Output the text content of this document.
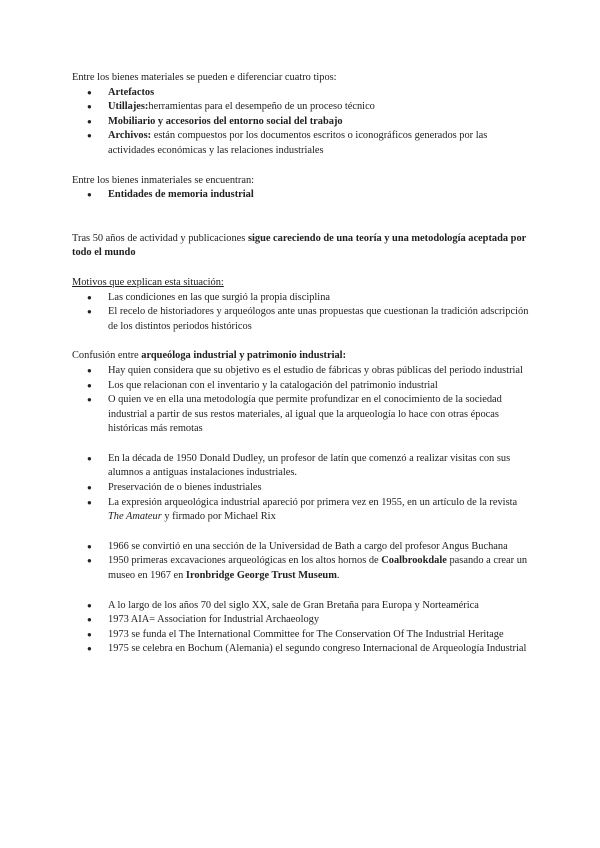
Entre los bienes materiales se pueden e diferenciar cuatro tipos:

● Artefactos
● Utillajes:herramientas para el desempeño de un proceso técnico
● Mobiliario y accesorios del entorno social del trabajo
● Archivos: están compuestos por los documentos escritos o iconográficos generados por las actividades económicas y las relaciones industriales

Entre los bienes inmateriales se encuentran:

● Entidades de memoria industrial

Tras 50 años de actividad y publicaciones sigue careciendo de una teoría y una metodología aceptada por todo el mundo

Motivos que explican esta situación:

● Las condiciones en las que surgió la propia disciplina
● El recelo de historiadores y arqueólogos ante unas propuestas que cuestionan la tradición adscripción de los distintos periodos históricos

Confusión entre arqueóloga industrial y patrimonio industrial:

● Hay quien considera que su objetivo es el estudio de fábricas y obras públicas del periodo industrial
● Los que relacionan con el inventario y la catalogación del patrimonio industrial
● O quien ve en ella una metodología que permite profundizar en el conocimiento de la sociedad industrial a partir de sus restos materiales, al igual que la arqueología lo hace con otras épocas históricas más remotas
● En la década de 1950 Donald Dudley, un profesor de latín que comenzó a realizar visitas con sus alumnos a antiguas instalaciones industriales.
● Preservación de o bienes industriales
● La expresión arqueológica industrial apareció por primera vez en 1955, en un artículo de la revista The Amateur y firmado por Michael Rix
● 1966 se convirtió en una sección de la Universidad de Bath a cargo del profesor Angus Buchana
● 1950 primeras excavaciones arqueológicas en los altos hornos de Coalbrookdale pasando a crear un museo en 1967 en Ironbridge George Trust Museum.
● A lo largo de los años 70 del siglo XX, sale de Gran Bretaña para Europa y Norteamérica
● 1973 AIA= Association for Industrial Archaeology
● 1973 se funda el The International Committee for The Conservation Of The Industrial Heritage
● 1975 se celebra en Bochum (Alemania) el segundo congreso Internacional de Arqueología Industrial
